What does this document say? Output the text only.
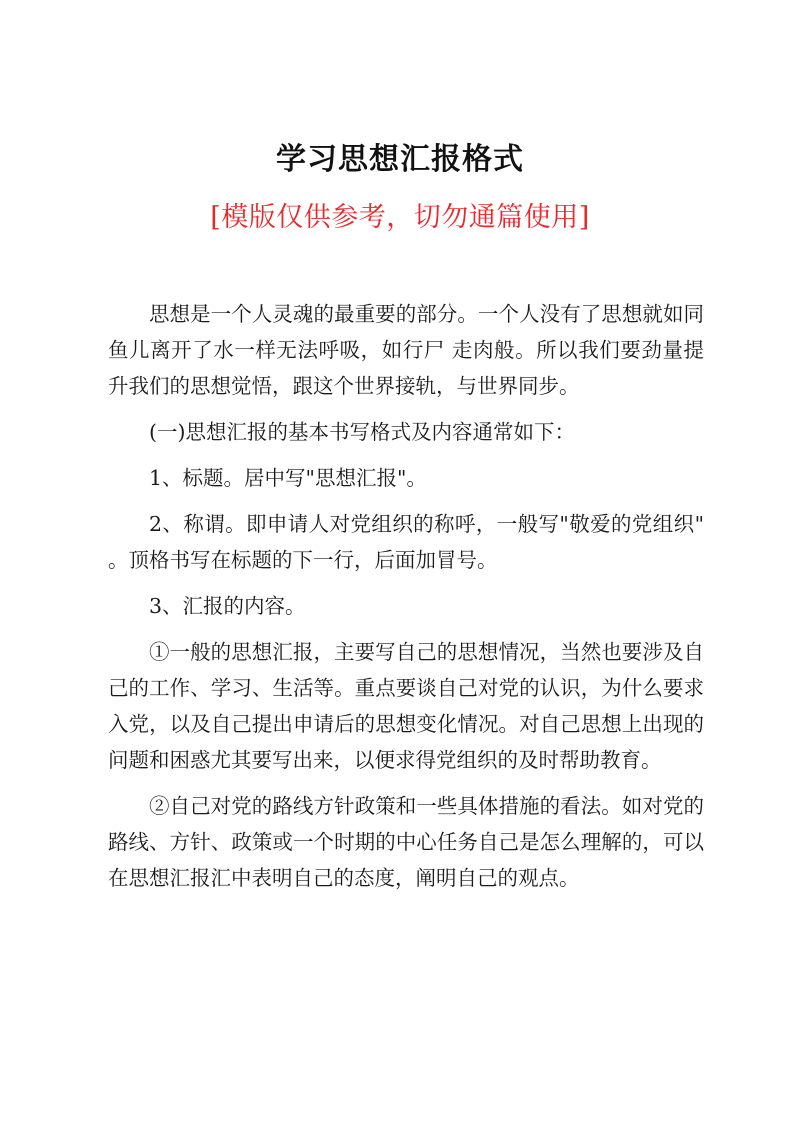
学习思想汇报格式
[模版仅供参考，切勿通篇使用]

思想是一个人灵魂的最重要的部分。一个人没有了思想就如同鱼儿离开了水一样无法呼吸，如行尸 走肉般。所以我们要劲量提升我们的思想觉悟，跟这个世界接轨，与世界同步。

(一)思想汇报的基本书写格式及内容通常如下：

1、标题。居中写"思想汇报"。

2、称谓。即申请人对党组织的称呼，一般写"敬爱的党组织"。顶格书写在标题的下一行，后面加冒号。

3、汇报的内容。

①一般的思想汇报，主要写自己的思想情况，当然也要涉及自己的工作、学习、生活等。重点要谈自己对党的认识，为什么要求入党，以及自己提出申请后的思想变化情况。对自己思想上出现的问题和困惑尤其要写出来，以便求得党组织的及时帮助教育。

②自己对党的路线方针政策和一些具体措施的看法。如对党的路线、方针、政策或一个时期的中心任务自己是怎么理解的，可以在思想汇报汇中表明自己的态度，阐明自己的观点。
